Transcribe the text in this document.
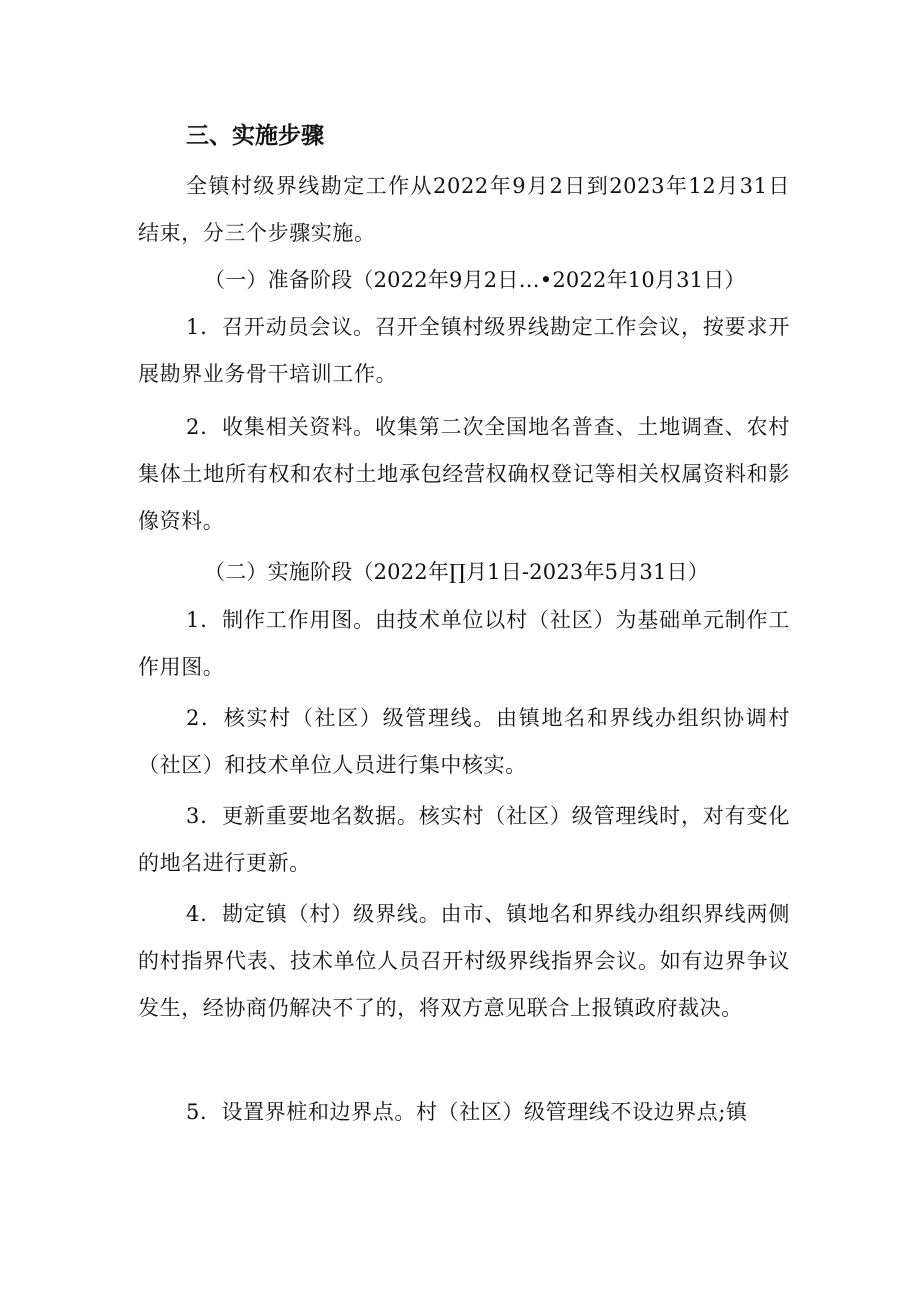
三、实施步骤

全镇村级界线勘定工作从2022年9月2日到2023年12月31日结束，分三个步骤实施。

（一）准备阶段（2022年9月2日…•2022年10月31日）

1．召开动员会议。召开全镇村级界线勘定工作会议，按要求开展勘界业务骨干培训工作。

2．收集相关资料。收集第二次全国地名普查、土地调查、农村集体土地所有权和农村土地承包经营权确权登记等相关权属资料和影像资料。

（二）实施阶段（2022年∏月1日-2023年5月31日）

1．制作工作用图。由技术单位以村（社区）为基础单元制作工作用图。

2．核实村（社区）级管理线。由镇地名和界线办组织协调村（社区）和技术单位人员进行集中核实。

3．更新重要地名数据。核实村（社区）级管理线时，对有变化的地名进行更新。

4．勘定镇（村）级界线。由市、镇地名和界线办组织界线两侧的村指界代表、技术单位人员召开村级界线指界会议。如有边界争议发生，经协商仍解决不了的，将双方意见联合上报镇政府裁决。

5．设置界桩和边界点。村（社区）级管理线不设边界点;镇
